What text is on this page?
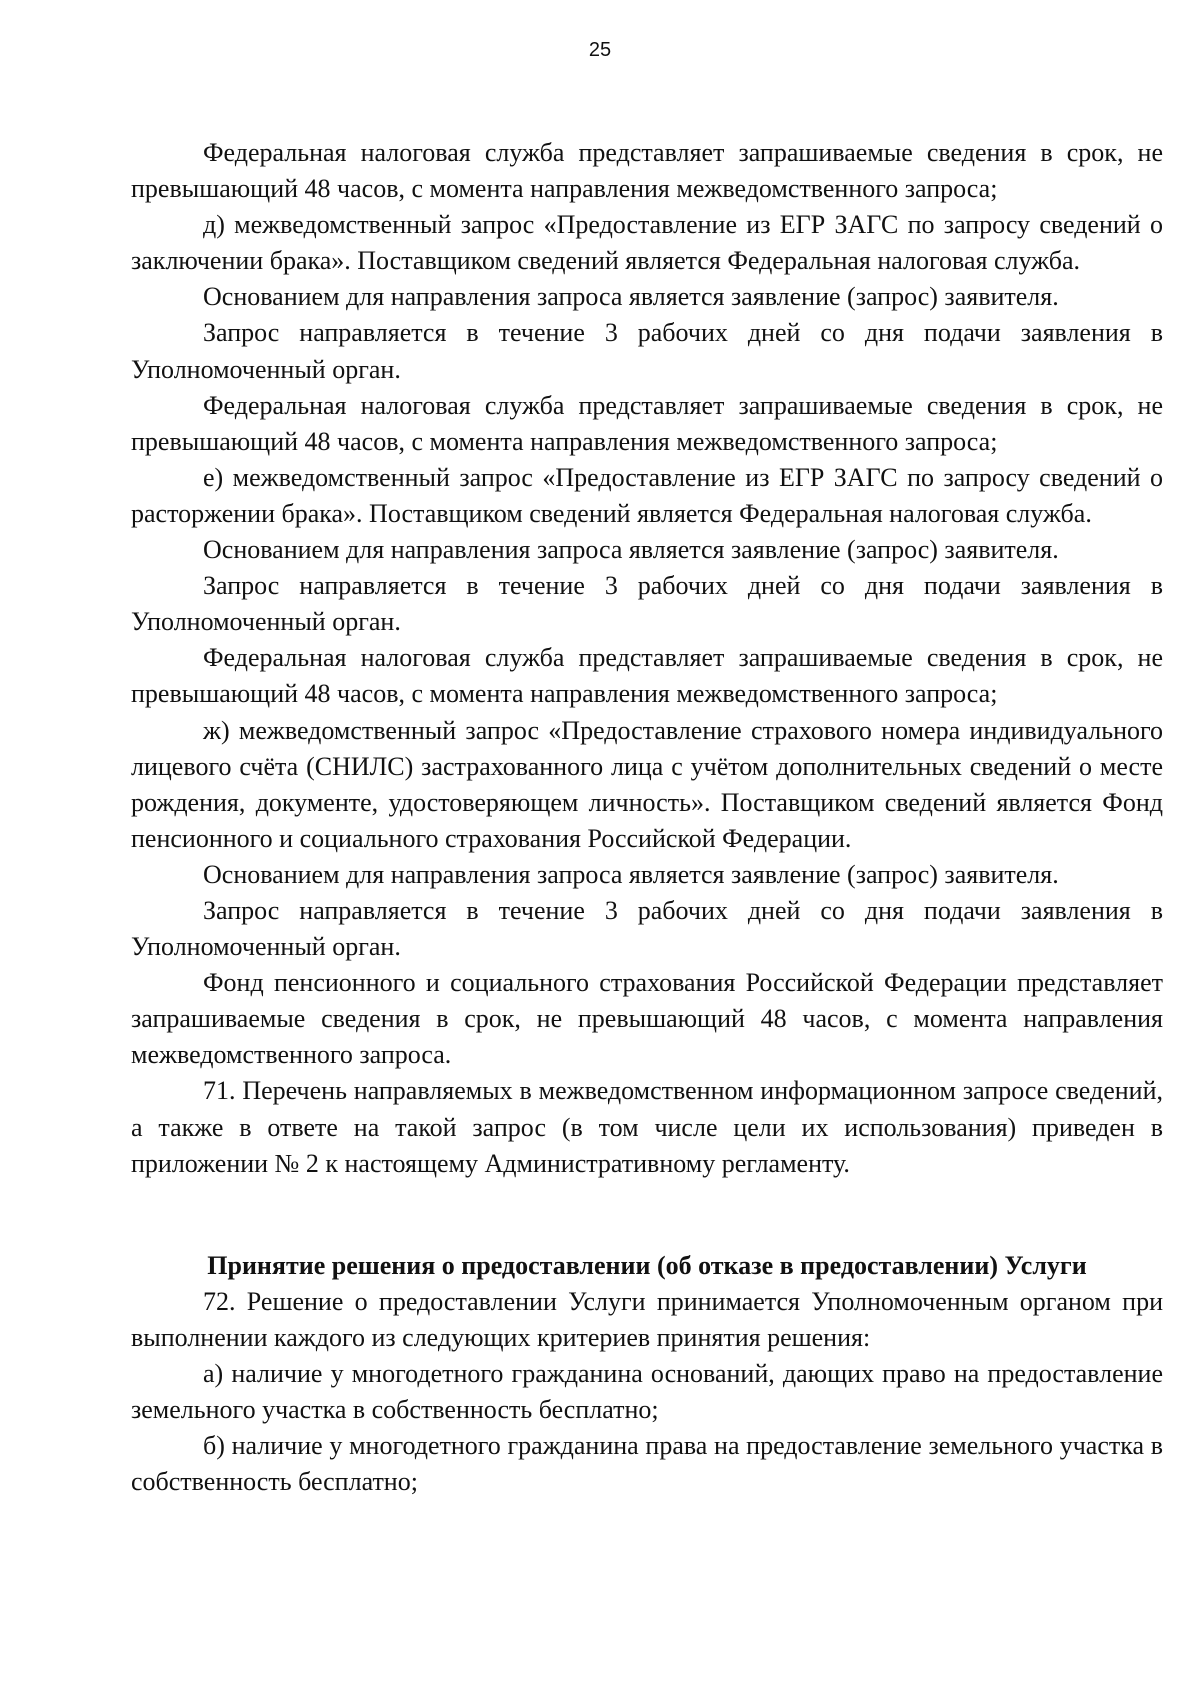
25

Федеральная налоговая служба представляет запрашиваемые сведения в срок, не превышающий 48 часов, с момента направления межведомственного запроса;

д) межведомственный запрос «Предоставление из ЕГР ЗАГС по запросу сведений о заключении брака». Поставщиком сведений является Федеральная налоговая служба.

Основанием для направления запроса является заявление (запрос) заявителя.

Запрос направляется в течение 3 рабочих дней со дня подачи заявления в Уполномоченный орган.

Федеральная налоговая служба представляет запрашиваемые сведения в срок, не превышающий 48 часов, с момента направления межведомственного запроса;

е) межведомственный запрос «Предоставление из ЕГР ЗАГС по запросу сведений о расторжении брака». Поставщиком сведений является Федеральная налоговая служба.

Основанием для направления запроса является заявление (запрос) заявителя.

Запрос направляется в течение 3 рабочих дней со дня подачи заявления в Уполномоченный орган.

Федеральная налоговая служба представляет запрашиваемые сведения в срок, не превышающий 48 часов, с момента направления межведомственного запроса;

ж) межведомственный запрос «Предоставление страхового номера индивидуального лицевого счёта (СНИЛС) застрахованного лица с учётом дополнительных сведений о месте рождения, документе, удостоверяющем личность». Поставщиком сведений является Фонд пенсионного и социального страхования Российской Федерации.

Основанием для направления запроса является заявление (запрос) заявителя.

Запрос направляется в течение 3 рабочих дней со дня подачи заявления в Уполномоченный орган.

Фонд пенсионного и социального страхования Российской Федерации представляет запрашиваемые сведения в срок, не превышающий 48 часов, с момента направления межведомственного запроса.

71. Перечень направляемых в межведомственном информационном запросе сведений, а также в ответе на такой запрос (в том числе цели их использования) приведен в приложении № 2 к настоящему Административному регламенту.

Принятие решения о предоставлении (об отказе в предоставлении) Услуги

72. Решение о предоставлении Услуги принимается Уполномоченным органом при выполнении каждого из следующих критериев принятия решения:

а) наличие у многодетного гражданина оснований, дающих право на предоставление земельного участка в собственность бесплатно;

б) наличие у многодетного гражданина права на предоставление земельного участка в собственность бесплатно;
